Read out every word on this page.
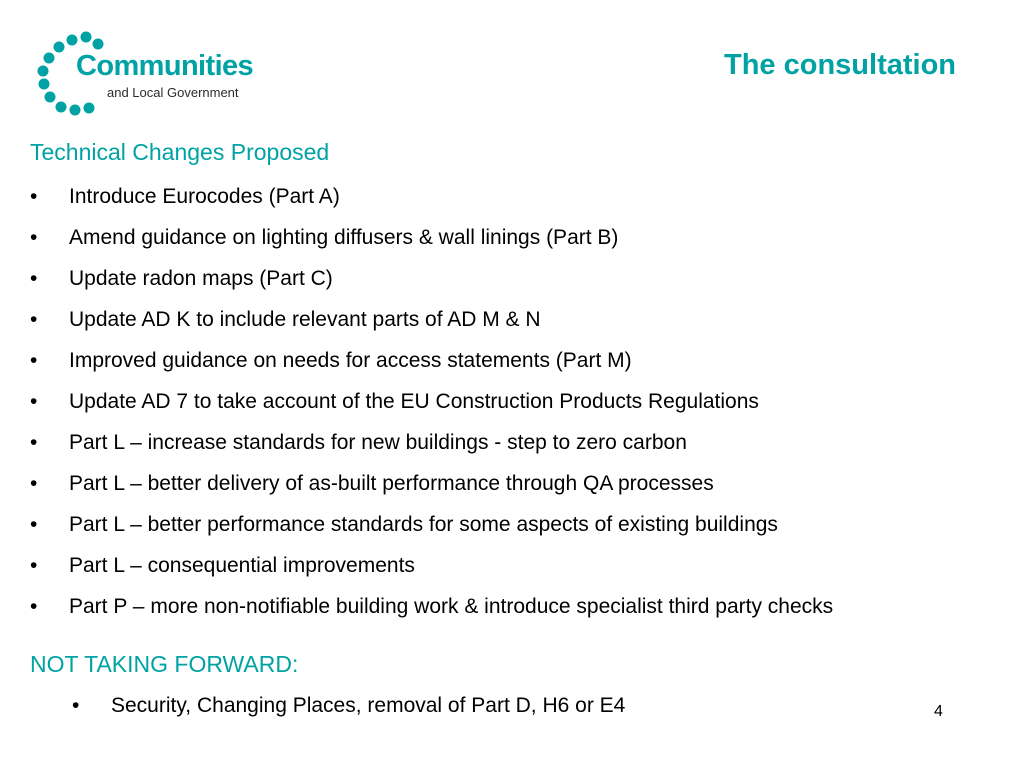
Communities
and Local Government
The consultation
Technical Changes Proposed
• Introduce Eurocodes (Part A)
• Amend guidance on lighting diffusers & wall linings (Part B)
• Update radon maps (Part C)
• Update AD K to include relevant parts of AD M & N
• Improved guidance on needs for access statements (Part M)
• Update AD 7 to take account of the EU Construction Products Regulations
• Part L – increase standards for new buildings - step to zero carbon
• Part L – better delivery of as-built performance through QA processes
• Part L – better performance standards for some aspects of existing buildings
• Part L – consequential improvements
• Part P – more non-notifiable building work & introduce specialist third party checks
NOT TAKING FORWARD:
• Security, Changing Places, removal of Part D, H6 or E4	4
